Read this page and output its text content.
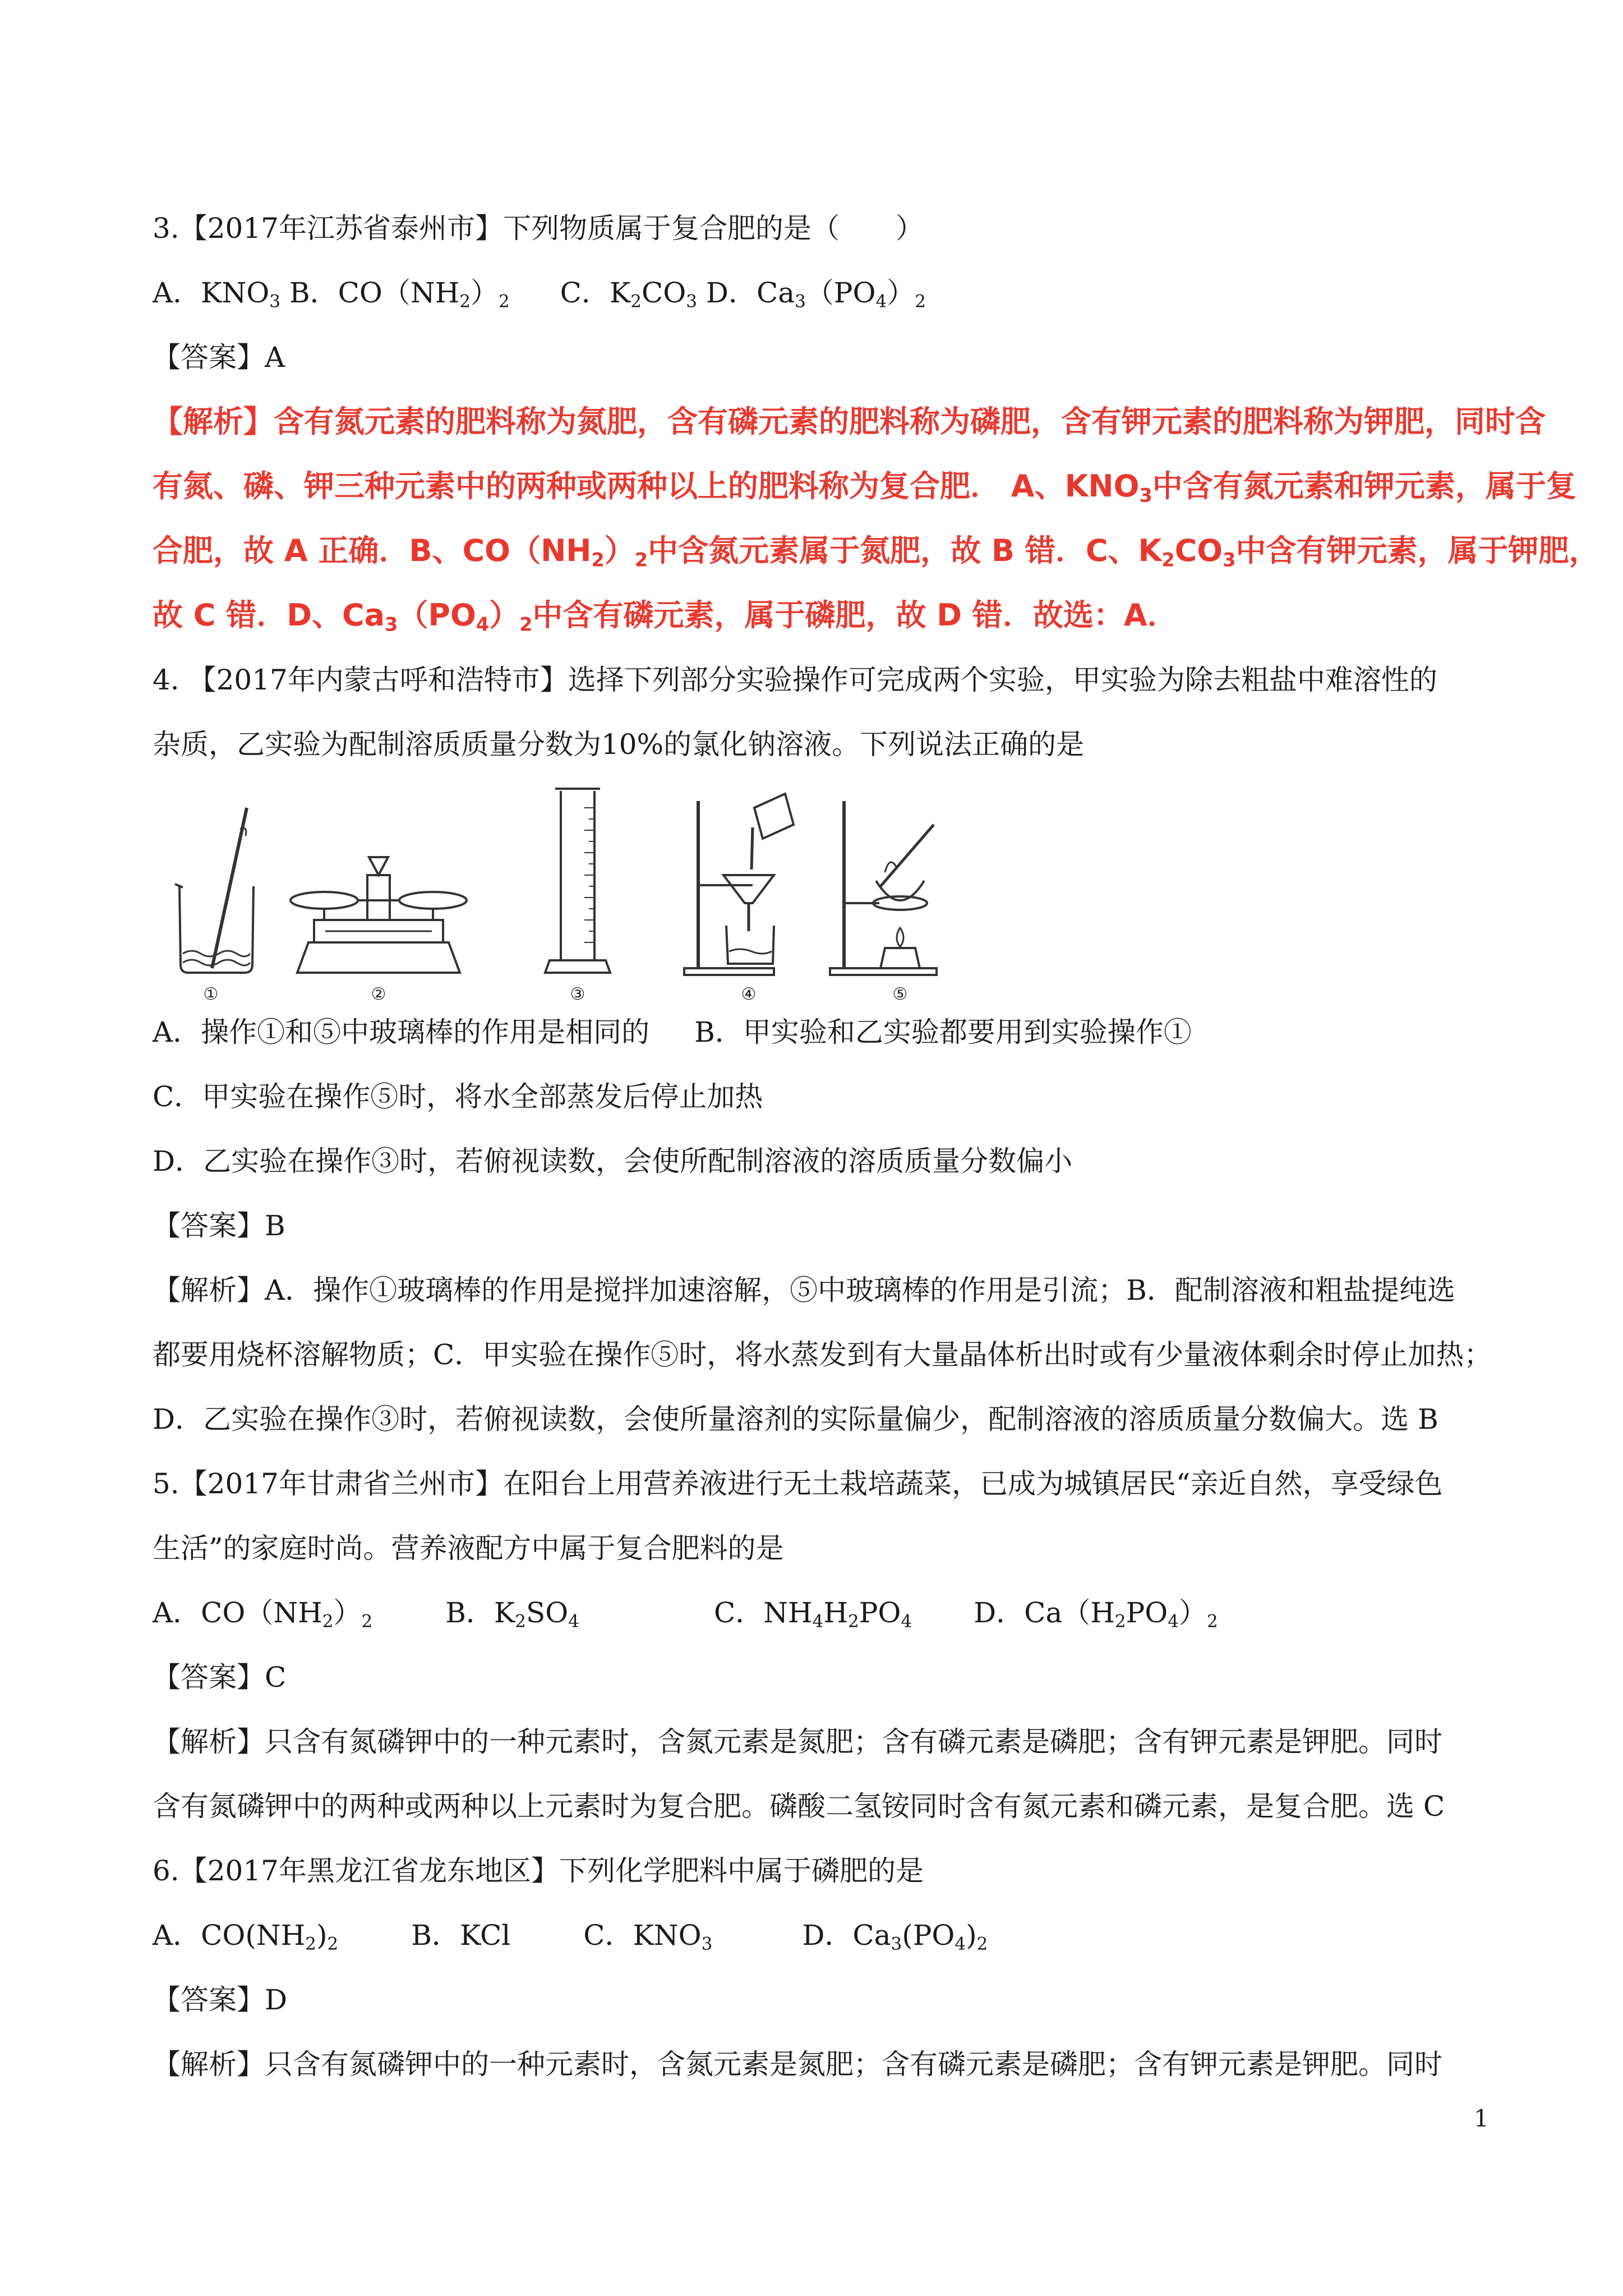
3.【2017年江苏省泰州市】下列物质属于复合肥的是（　　）
A．$KNO_3$ B．$CO(NH_2)_2$ C．$K_2CO_3$ D．$Ca_3(PO_4)_2$
【答案】A
【解析】含有氮元素的肥料称为氮肥，含有磷元素的肥料称为磷肥，含有钾元素的肥料称为钾肥，同时含
有氮、磷、钾三种元素中的两种或两种以上的肥料称为复合肥． A、$KNO_3$中含有氮元素和钾元素，属于复
合肥，故 A 正确．B、$CO(NH_2)_2$中含氮元素属于氮肥，故 B 错．C、$K_2CO_3$中含有钾元素，属于钾肥，
故 C 错．D、$Ca_3(PO_4)_2$中含有磷元素，属于磷肥，故 D 错．故选：A．
4. 【2017年内蒙古呼和浩特市】选择下列部分实验操作可完成两个实验，甲实验为除去粗盐中难溶性的
杂质，乙实验为配制溶质质量分数为10%的氯化钠溶液。下列说法正确的是
①	②	③	④	⑤
A．操作①和⑤中玻璃棒的作用是相同的 B．甲实验和乙实验都要用到实验操作①
C．甲实验在操作⑤时，将水全部蒸发后停止加热
D．乙实验在操作③时，若俯视读数，会使所配制溶液的溶质质量分数偏小
【答案】B
【解析】A．操作①玻璃棒的作用是搅拌加速溶解，⑤中玻璃棒的作用是引流；B．配制溶液和粗盐提纯选
都要用烧杯溶解物质；C．甲实验在操作⑤时，将水蒸发到有大量晶体析出时或有少量液体剩余时停止加热；
D．乙实验在操作③时，若俯视读数，会使所量溶剂的实际量偏少，配制溶液的溶质质量分数偏大。选 B
5.【2017年甘肃省兰州市】在阳台上用营养液进行无土栽培蔬菜，已成为城镇居民“亲近自然，享受绿色
生活”的家庭时尚。营养液配方中属于复合肥料的是
A．$CO(NH_2)_2$	B．$K_2SO_4$	C．$NH_4H_2PO_4$ D．$Ca(H_2PO_4)_2$
【答案】C
【解析】只含有氮磷钾中的一种元素时，含氮元素是氮肥；含有磷元素是磷肥；含有钾元素是钾肥。同时
含有氮磷钾中的两种或两种以上元素时为复合肥。磷酸二氢铵同时含有氮元素和磷元素，是复合肥。选 C
6.【2017年黑龙江省龙东地区】下列化学肥料中属于磷肥的是
A．$CO(NH_2)_2$	B．KCl	C．$KNO_3$	D．$Ca_3(PO_4)_2$
【答案】D
【解析】只含有氮磷钾中的一种元素时，含氮元素是氮肥；含有磷元素是磷肥；含有钾元素是钾肥。同时
1
